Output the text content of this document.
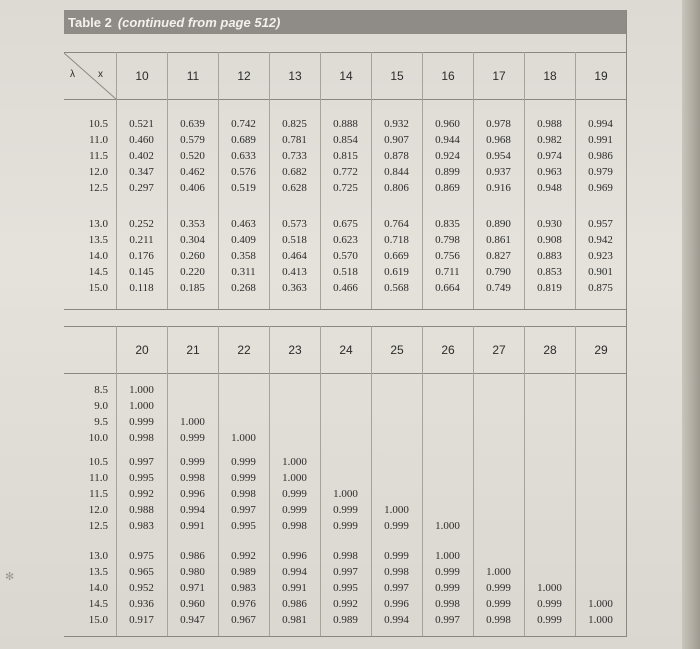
✻
Table 2 (continued from page 512)
λ x	10	11	12	13	14	15	16	17	18	19
10.5	0.521	0.639	0.742	0.825	0.888	0.932	0.960	0.978	0.988	0.994
11.0	0.460	0.579	0.689	0.781	0.854	0.907	0.944	0.968	0.982	0.991
11.5	0.402	0.520	0.633	0.733	0.815	0.878	0.924	0.954	0.974	0.986
12.0	0.347	0.462	0.576	0.682	0.772	0.844	0.899	0.937	0.963	0.979
12.5	0.297	0.406	0.519	0.628	0.725	0.806	0.869	0.916	0.948	0.969
13.0	0.252	0.353	0.463	0.573	0.675	0.764	0.835	0.890	0.930	0.957
13.5	0.211	0.304	0.409	0.518	0.623	0.718	0.798	0.861	0.908	0.942
14.0	0.176	0.260	0.358	0.464	0.570	0.669	0.756	0.827	0.883	0.923
14.5	0.145	0.220	0.311	0.413	0.518	0.619	0.711	0.790	0.853	0.901
15.0	0.118	0.185	0.268	0.363	0.466	0.568	0.664	0.749	0.819	0.875
20	21	22	23	24	25	26	27	28	29
8.5	1.000
9.0	1.000
9.5	0.999	1.000
10.0	0.998	0.999	1.000
10.5	0.997	0.999	0.999	1.000
11.0	0.995	0.998	0.999	1.000
11.5	0.992	0.996	0.998	0.999	1.000
12.0	0.988	0.994	0.997	0.999	0.999	1.000
12.5	0.983	0.991	0.995	0.998	0.999	0.999	1.000
13.0	0.975	0.986	0.992	0.996	0.998	0.999	1.000
13.5	0.965	0.980	0.989	0.994	0.997	0.998	0.999	1.000
14.0	0.952	0.971	0.983	0.991	0.995	0.997	0.999	0.999	1.000
14.5	0.936	0.960	0.976	0.986	0.992	0.996	0.998	0.999	0.999	1.000
15.0	0.917	0.947	0.967	0.981	0.989	0.994	0.997	0.998	0.999	1.000
